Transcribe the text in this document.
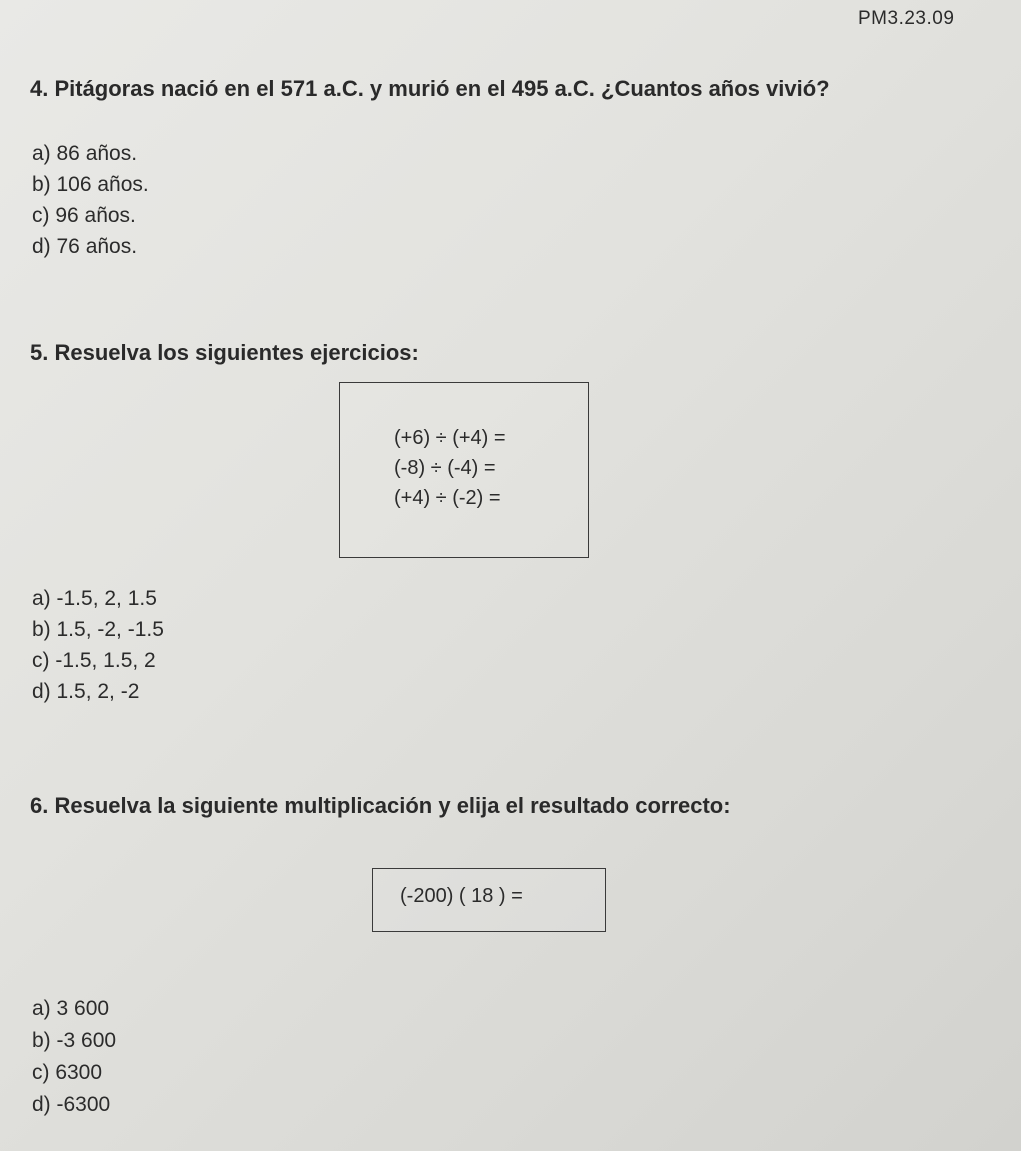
PM3.23.09
4. Pitágoras nació en el 571 a.C. y murió en el 495 a.C. ¿Cuantos años vivió?
a) 86 años.
b) 106 años.
c) 96 años.
d) 76 años.
5. Resuelva los siguientes ejercicios:
(+6) ÷ (+4) =
(-8) ÷ (-4) =
(+4) ÷ (-2) =
a) -1.5, 2, 1.5
b) 1.5, -2, -1.5
c) -1.5, 1.5, 2
d) 1.5, 2, -2
6. Resuelva la siguiente multiplicación y elija el resultado correcto:
(-200) ( 18 ) =
a) 3 600
b) -3 600
c) 6300
d) -6300
